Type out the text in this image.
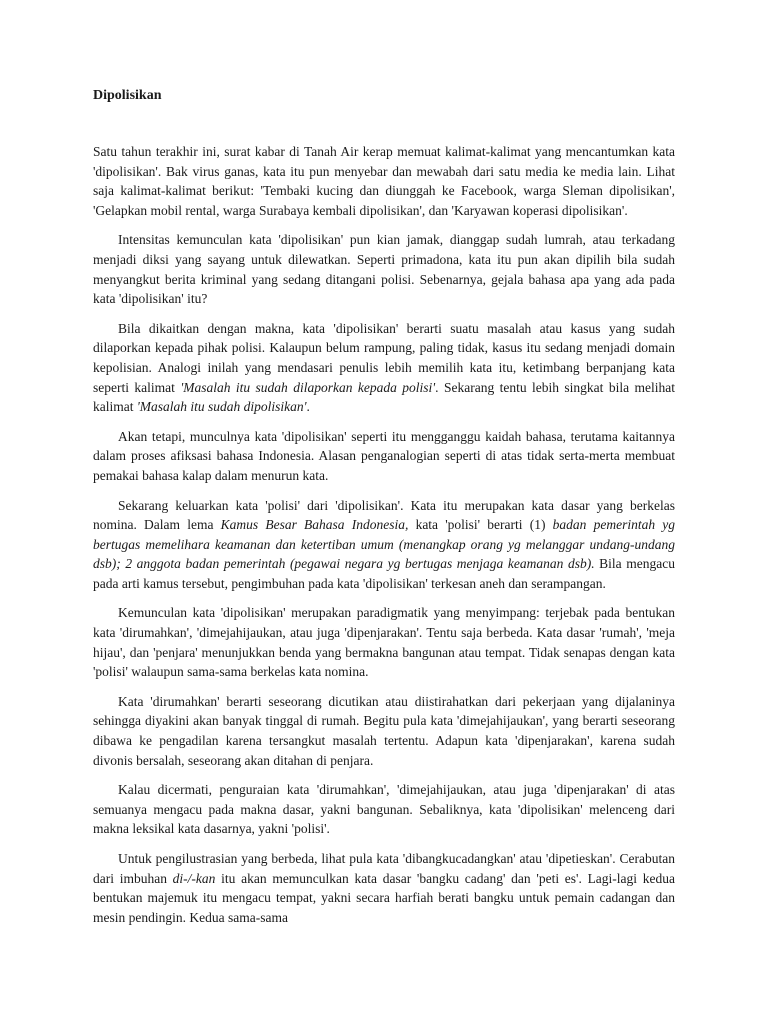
Dipolisikan

Satu tahun terakhir ini, surat kabar di Tanah Air kerap memuat kalimat-kalimat yang mencantumkan kata 'dipolisikan'. Bak virus ganas, kata itu pun menyebar dan mewabah dari satu media ke media lain. Lihat saja kalimat-kalimat berikut: 'Tembaki kucing dan diunggah ke Facebook, warga Sleman dipolisikan', 'Gelapkan mobil rental, warga Surabaya kembali dipolisikan', dan 'Karyawan koperasi dipolisikan'.

Intensitas kemunculan kata 'dipolisikan' pun kian jamak, dianggap sudah lumrah, atau terkadang menjadi diksi yang sayang untuk dilewatkan. Seperti primadona, kata itu pun akan dipilih bila sudah menyangkut berita kriminal yang sedang ditangani polisi. Sebenarnya, gejala bahasa apa yang ada pada kata 'dipolisikan' itu?

Bila dikaitkan dengan makna, kata 'dipolisikan' berarti suatu masalah atau kasus yang sudah dilaporkan kepada pihak polisi. Kalaupun belum rampung, paling tidak, kasus itu sedang menjadi domain kepolisian. Analogi inilah yang mendasari penulis lebih memilih kata itu, ketimbang berpanjang kata seperti kalimat 'Masalah itu sudah dilaporkan kepada polisi'. Sekarang tentu lebih singkat bila melihat kalimat 'Masalah itu sudah dipolisikan'.

Akan tetapi, munculnya kata 'dipolisikan' seperti itu mengganggu kaidah bahasa, terutama kaitannya dalam proses afiksasi bahasa Indonesia. Alasan penganalogian seperti di atas tidak serta-merta membuat pemakai bahasa kalap dalam menurun kata.

Sekarang keluarkan kata 'polisi' dari 'dipolisikan'. Kata itu merupakan kata dasar yang berkelas nomina. Dalam lema Kamus Besar Bahasa Indonesia, kata 'polisi' berarti (1) badan pemerintah yg bertugas memelihara keamanan dan ketertiban umum (menangkap orang yg melanggar undang-undang dsb); 2 anggota badan pemerintah (pegawai negara yg bertugas menjaga keamanan dsb). Bila mengacu pada arti kamus tersebut, pengimbuhan pada kata 'dipolisikan' terkesan aneh dan serampangan.

Kemunculan kata 'dipolisikan' merupakan paradigmatik yang menyimpang: terjebak pada bentukan kata 'dirumahkan', 'dimejahijaukan, atau juga 'dipenjarakan'. Tentu saja berbeda. Kata dasar 'rumah', 'meja hijau', dan 'penjara' menunjukkan benda yang bermakna bangunan atau tempat. Tidak senapas dengan kata 'polisi' walaupun sama-sama berkelas kata nomina.

Kata 'dirumahkan' berarti seseorang dicutikan atau diistirahatkan dari pekerjaan yang dijalaninya sehingga diyakini akan banyak tinggal di rumah. Begitu pula kata 'dimejahijaukan', yang berarti seseorang dibawa ke pengadilan karena tersangkut masalah tertentu. Adapun kata 'dipenjarakan', karena sudah divonis bersalah, seseorang akan ditahan di penjara.

Kalau dicermati, penguraian kata 'dirumahkan', 'dimejahijaukan, atau juga 'dipenjarakan' di atas semuanya mengacu pada makna dasar, yakni bangunan. Sebaliknya, kata 'dipolisikan' melenceng dari makna leksikal kata dasarnya, yakni 'polisi'.

Untuk pengilustrasian yang berbeda, lihat pula kata 'dibangkucadangkan' atau 'dipetieskan'. Cerabutan dari imbuhan di-/-kan itu akan memunculkan kata dasar 'bangku cadang' dan 'peti es'. Lagi-lagi kedua bentukan majemuk itu mengacu tempat, yakni secara harfiah berati bangku untuk pemain cadangan dan mesin pendingin. Kedua sama-sama
